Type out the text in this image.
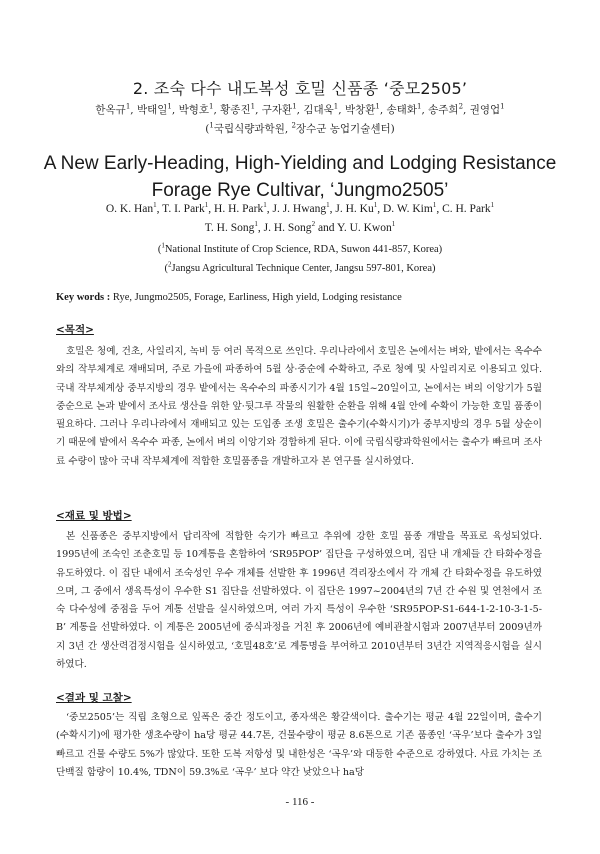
2. 조숙 다수 내도복성 호밀 신품종 ‘중모2505’
한옥규$^1$, 박태일$^1$, 박형호$^1$, 황종진$^1$, 구자환$^1$, 김대욱$^1$, 박창환$^1$, 송태화$^1$, 송주희$^2$, 권영업$^1$
($^1$국립식량과학원, $^2$장수군 농업기술센터)
A New Early-Heading, High-Yielding and Lodging Resistance Forage Rye Cultivar, ‘Jungmo2505’
O. K. Han$^1$, T. I. Park$^1$, H. H. Park$^1$, J. J. Hwang$^1$, J. H. Ku$^1$, D. W. Kim$^1$, C. H. Park$^1$
T. H. Song$^1$, J. H. Song$^2$ and Y. U. Kwon$^1$
($^1$National Institute of Crop Science, RDA, Suwon 441-857, Korea)
($^2$Jangsu Agricultural Technique Center, Jangsu 597-801, Korea)
Key words : Rye, Jungmo2505, Forage, Earliness, High yield, Lodging resistance
<목적>

호밀은 청예, 건초, 사일리지, 녹비 등 여러 목적으로 쓰인다. 우리나라에서 호밀은 논에서는 벼와, 밭에서는 옥수수와의 작부체계로 재배되며, 주로 가을에 파종하여 5월 상·중순에 수확하고, 주로 청예 및 사일리지로 이용되고 있다. 국내 작부체계상 중부지방의 경우 밭에서는 옥수수의 파종시기가 4월 15일~20일이고, 논에서는 벼의 이앙기가 5월 중순으로 논과 밭에서 조사료 생산을 위한 앞·뒷그루 작물의 원활한 순환을 위해 4월 안에 수확이 가능한 호밀 품종이 필요하다. 그러나 우리나라에서 재배되고 있는 도입종 조생 호밀은 출수기(수확시기)가 중부지방의 경우 5월 상순이기 때문에 밭에서 옥수수 파종, 논에서 벼의 이앙기와 경합하게 된다. 이에 국립식량과학원에서는 출수가 빠르며 조사료 수량이 많아 국내 작부체계에 적합한 호밀품종을 개발하고자 본 연구를 실시하였다.

<재료 및 방법>

본 신품종은 중부지방에서 답리작에 적합한 숙기가 빠르고 추위에 강한 호밀 품종 개발을 목표로 육성되었다. 1995년에 조숙인 조춘호밀 등 10계통을 혼합하여 ‘SR95POP’ 집단을 구성하였으며, 집단 내 개체들 간 타화수정을 유도하였다. 이 집단 내에서 조숙성인 우수 개체를 선발한 후 1996년 격리장소에서 각 개체 간 타화수정을 유도하였으며, 그 중에서 생육특성이 우수한 S1 집단을 선발하였다. 이 집단은 1997~2004년의 7년 간 수원 및 연천에서 조숙 다수성에 중점을 두어 계통 선발을 실시하였으며, 여러 가지 특성이 우수한 ‘SR95POP-S1-644-1-2-10-3-1-5-B’ 계통을 선발하였다. 이 계통은 2005년에 중식과정을 거친 후 2006년에 예비관찰시험과 2007년부터 2009년까지 3년 간 생산력검정시험을 실시하였고, ‘호밀48호’로 계통명을 부여하고 2010년부터 3년간 지역적응시험을 실시하였다.

<결과 및 고찰>

‘중모2505’는 직립 초형으로 잎폭은 중간 정도이고, 종자색은 황갈색이다. 출수기는 평균 4월 22일이며, 출수기(수확시기)에 평가한 생초수량이 ha당 평균 44.7톤, 건물수량이 평균 8.6톤으로 기존 품종인 ‘곡우’보다 출수가 3일 빠르고 건물 수량도 5%가 많았다. 또한 도복 저항성 및 내한성은 ‘곡우’와 대등한 수준으로 강하였다. 사료 가치는 조단백질 함량이 10.4%, TDN이 59.3%로 ‘곡우’ 보다 약간 낮았으나 ha당

- 116 -
